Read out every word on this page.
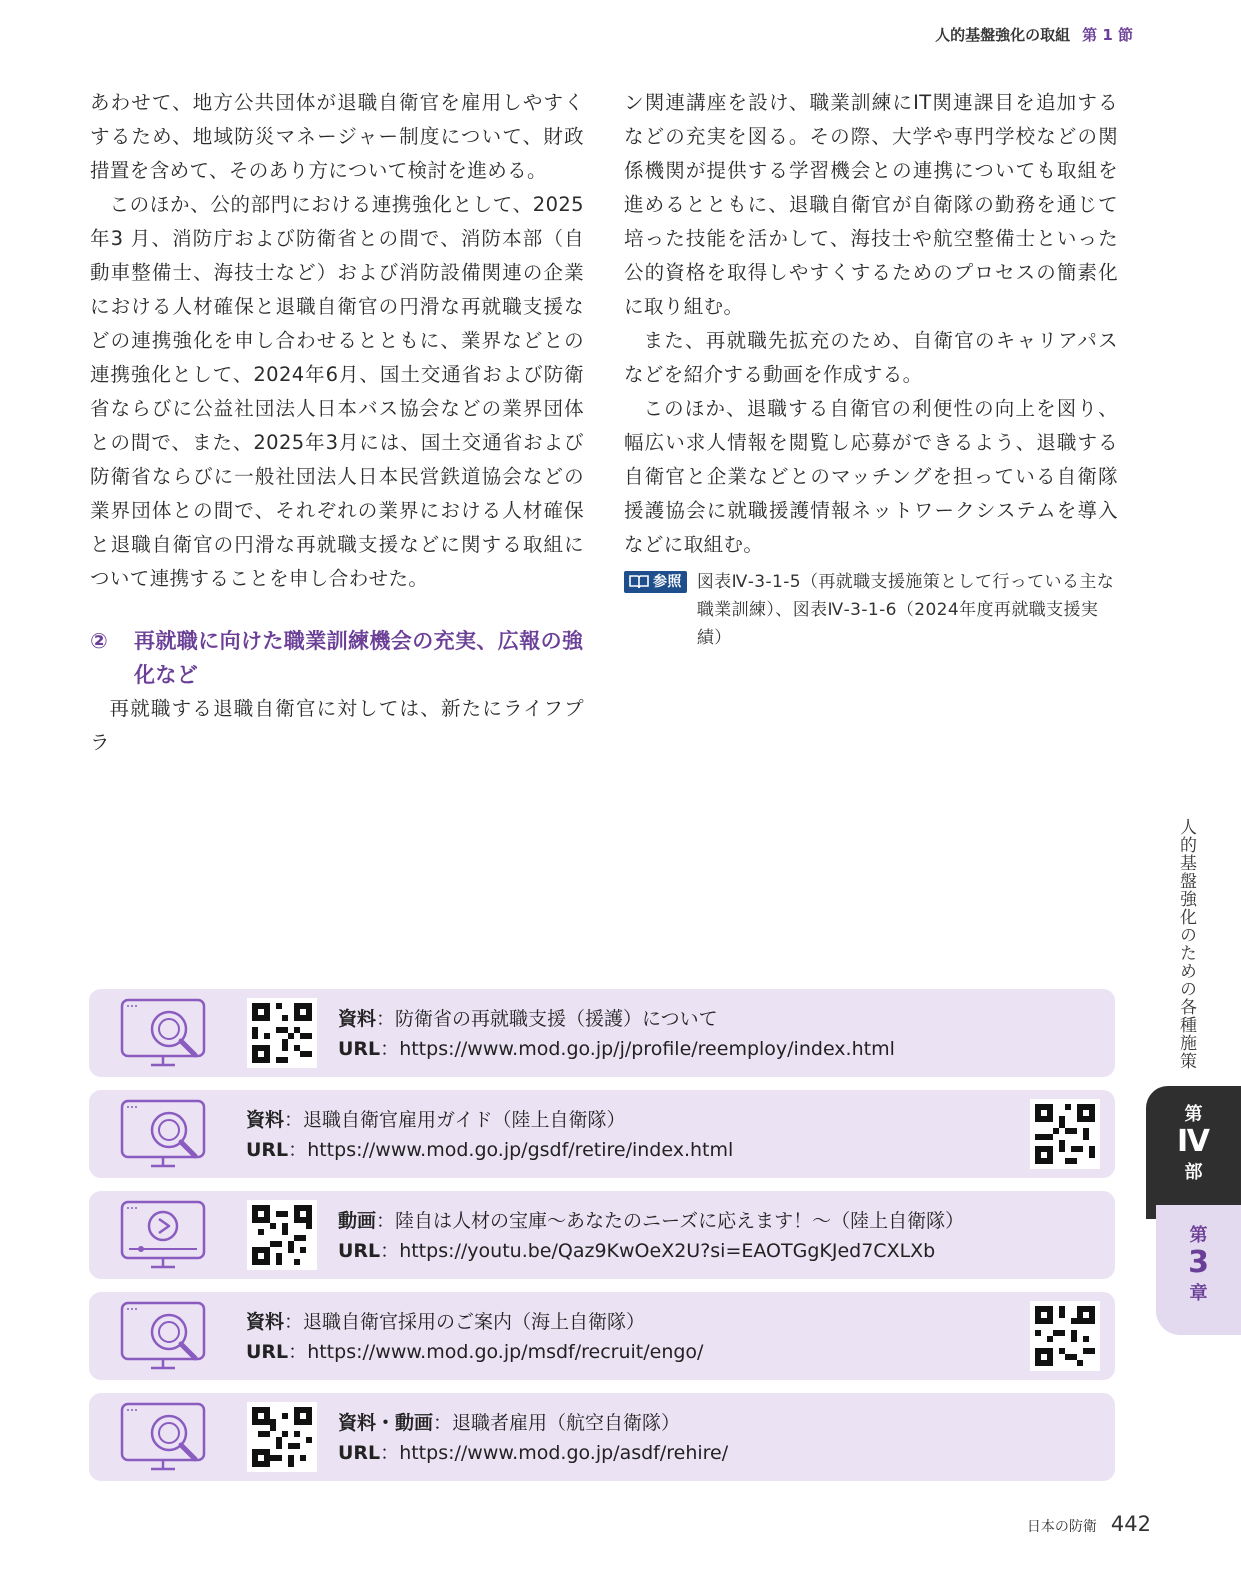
人的基盤強化の取組 第 1 節

あわせて、地方公共団体が退職自衛官を雇用しやすくするため、地域防災マネージャー制度について、財政措置を含めて、そのあり方について検討を進める。

このほか、公的部門における連携強化として、2025年3 月、消防庁および防衛省との間で、消防本部（自動車整備士、海技士など）および消防設備関連の企業における人材確保と退職自衛官の円滑な再就職支援などの連携強化を申し合わせるとともに、業界などとの連携強化として、2024年6月、国土交通省および防衛省ならびに公益社団法人日本バス協会などの業界団体との間で、また、2025年3月には、国土交通省および防衛省ならびに一般社団法人日本民営鉄道協会などの業界団体との間で、それぞれの業界における人材確保と退職自衛官の円滑な再就職支援などに関する取組について連携することを申し合わせた。

② 再就職に向けた職業訓練機会の充実、広報の強化など

再就職する退職自衛官に対しては、新たにライフプラ

ン関連講座を設け、職業訓練にIT関連課目を追加するなどの充実を図る。その際、大学や専門学校などの関係機関が提供する学習機会との連携についても取組を進めるとともに、退職自衛官が自衛隊の勤務を通じて培った技能を活かして、海技士や航空整備士といった公的資格を取得しやすくするためのプロセスの簡素化に取り組む。

また、再就職先拡充のため、自衛官のキャリアパスなどを紹介する動画を作成する。

このほか、退職する自衛官の利便性の向上を図り、幅広い求人情報を閲覧し応募ができるよう、退職する自衛官と企業などとのマッチングを担っている自衛隊援護協会に就職援護情報ネットワークシステムを導入などに取組む。

参照 図表Ⅳ-3-1-5（再就職支援施策として行っている主な職業訓練）、図表Ⅳ-3-1-6（2024年度再就職支援実績）
人的基盤強化のための各種施策
第
Ⅳ
部
第
3
章
資料：防衛省の再就職支援（援護）について
URL：https://www.mod.go.jp/j/profile/reemploy/index.html
資料：退職自衛官雇用ガイド（陸上自衛隊）
URL：https://www.mod.go.jp/gsdf/retire/index.html
動画：陸自は人材の宝庫～あなたのニーズに応えます！～（陸上自衛隊）
URL：https://youtu.be/Qaz9KwOeX2U?si=EAOTGgKJed7CXLXb
資料：退職自衛官採用のご案内（海上自衛隊）
URL：https://www.mod.go.jp/msdf/recruit/engo/
資料・動画：退職者雇用（航空自衛隊）
URL：https://www.mod.go.jp/asdf/rehire/
日本の防衛 442
